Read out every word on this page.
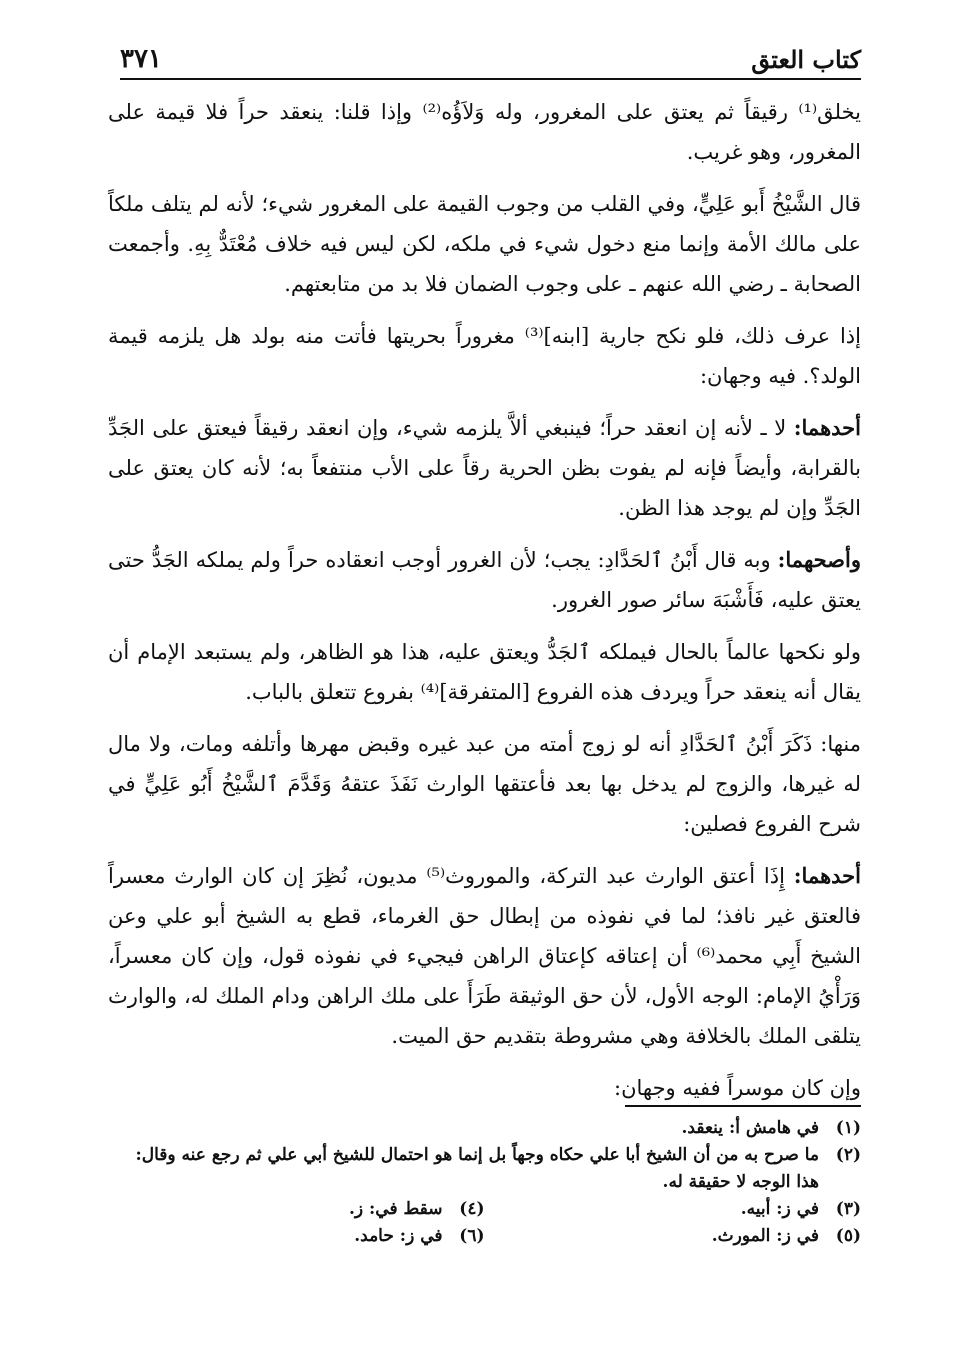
كتاب العتق
٣٧١

يخلق⁽¹⁾ رقيقاً ثم يعتق على المغرور، وله وَلاَؤُه⁽²⁾ وإذا قلنا: ينعقد حراً فلا قيمة على المغرور، وهو غريب.

قال الشَّيْخُ أَبو عَلِيٍّ، وفي القلب من وجوب القيمة على المغرور شيء؛ لأنه لم يتلف ملكاً على مالك الأمة وإنما منع دخول شيء في ملكه، لكن ليس فيه خلاف مُعْتَدٌّ بِهِ. وأجمعت الصحابة ـ رضي الله عنهم ـ على وجوب الضمان فلا بد من متابعتهم.

إذا عرف ذلك، فلو نكح جارية [ابنه]⁽³⁾ مغروراً بحريتها فأتت منه بولد هل يلزمه قيمة الولد؟. فيه وجهان:

أحدهما: لا ـ لأنه إن انعقد حراً؛ فينبغي ألاَّ يلزمه شيء، وإن انعقد رقيقاً فيعتق على الجَدِّ بالقرابة، وأيضاً فإنه لم يفوت بظن الحرية رقاً على الأب منتفعاً به؛ لأنه كان يعتق على الجَدِّ وإن لم يوجد هذا الظن.

وأصحهما: وبه قال أَبْنُ ٱلحَدَّادِ: يجب؛ لأن الغرور أوجب انعقاده حراً ولم يملكه الجَدُّ حتى يعتق عليه، فَأَشْبَهَ سائر صور الغرور.

ولو نكحها عالماً بالحال فيملكه ٱلجَدُّ ويعتق عليه، هذا هو الظاهر، ولم يستبعد الإمام أن يقال أنه ينعقد حراً ويردف هذه الفروع [المتفرقة]⁽⁴⁾ بفروع تتعلق بالباب.

منها: ذَكَرَ أَبْنُ ٱلحَدَّادِ أنه لو زوج أمته من عبد غيره وقبض مهرها وأتلفه ومات، ولا مال له غيرها، والزوج لم يدخل بها بعد فأعتقها الوارث نَفَذَ عتقهُ وَقَدَّمَ ٱلشَّيْخُ أَبُو عَلِيٍّ في شرح الفروع فصلين:

أحدهما: إِذَا أعتق الوارث عبد التركة، والموروث⁽⁵⁾ مديون، نُظِرَ إن كان الوارث معسراً فالعتق غير نافذ؛ لما في نفوذه من إبطال حق الغرماء، قطع به الشيخ أبو علي وعن الشيخ أَبِي محمد⁽⁶⁾ أن إعتاقه كإعتاق الراهن فيجيء في نفوذه قول، وإن كان معسراً، وَرَأْيُ الإمام: الوجه الأول، لأن حق الوثيقة طَرَأَ على ملك الراهن ودام الملك له، والوارث يتلقى الملك بالخلافة وهي مشروطة بتقديم حق الميت.

وإن كان موسراً ففيه وجهان:

(١)
في هامش أ: ينعقد.
(٢)
ما صرح به من أن الشيخ أبا علي حكاه وجهاً بل إنما هو احتمال للشيخ أبي علي ثم رجع عنه وقال: هذا الوجه لا حقيقة له.
(٣)
في ز: أبيه.
(٤)
سقط في: ز.
(٥)
في ز: المورث.
(٦)
في ز: حامد.
